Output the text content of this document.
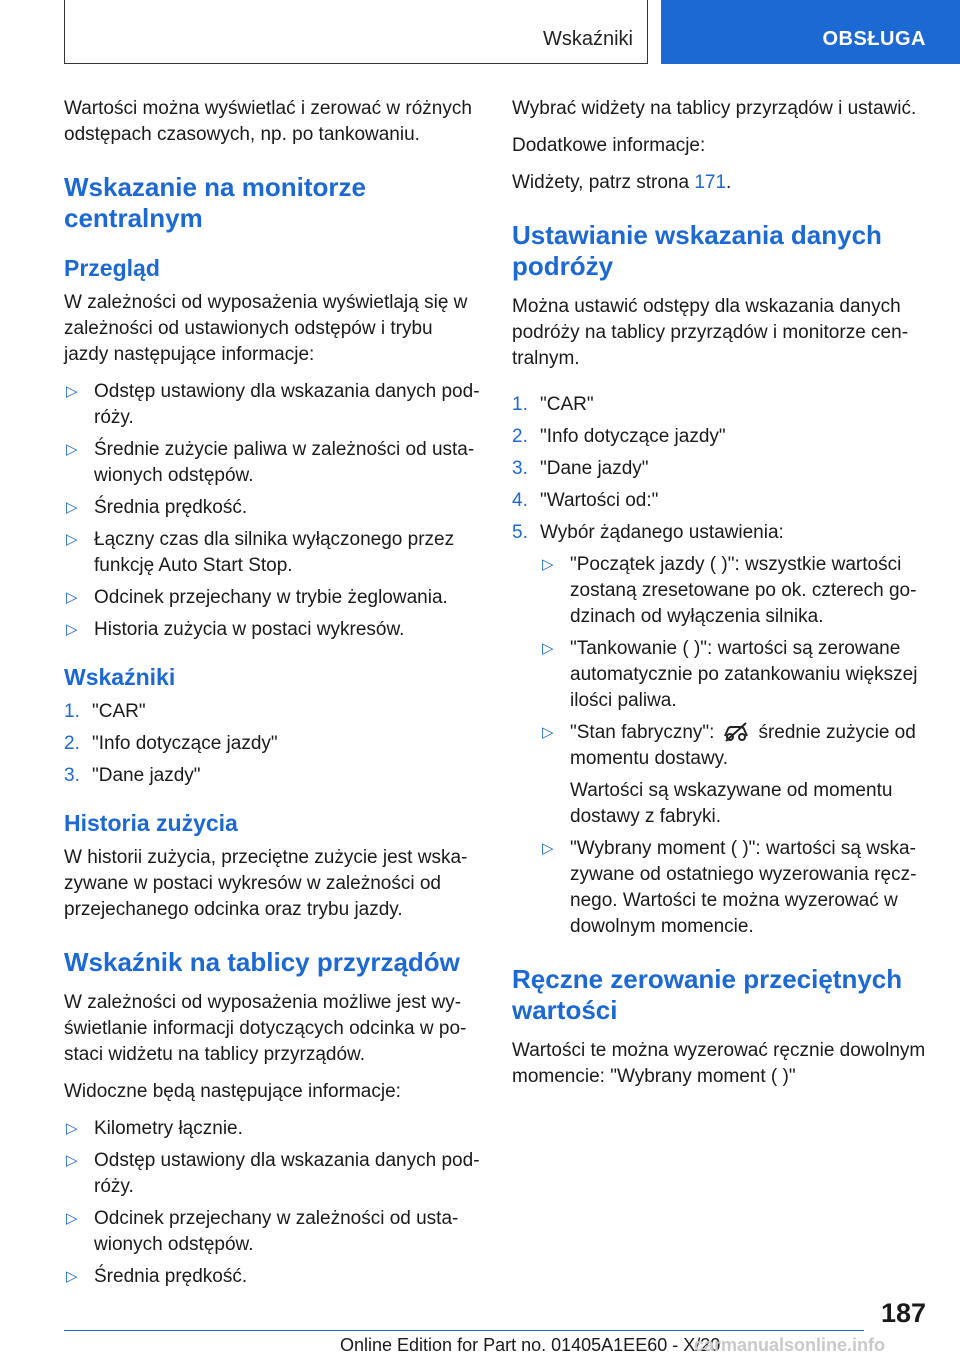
Wskaźniki	OBSŁUGA

Wartości można wyświetlać i zerować w różnych odstępach czasowych, np. po tankowaniu.

Wskazanie na monitorze centralnym
Przegląd

W zależności od wyposażenia wyświetlają się w zależności od ustawionych odstępów i trybu jazdy następujące informacje:

▷ Odstęp ustawiony dla wskazania danych podróży.
▷ Średnie zużycie paliwa w zależności od ustawionych odstępów.
▷ Średnia prędkość.
▷ Łączny czas dla silnika wyłączonego przez funkcję Auto Start Stop.
▷ Odcinek przejechany w trybie żeglowania.
▷ Historia zużycia w postaci wykresów.
Wskaźniki
1. "CAR"
2. "Info dotyczące jazdy"
3. "Dane jazdy"
Historia zużycia

W historii zużycia, przeciętne zużycie jest wskazywane w postaci wykresów w zależności od przejechanego odcinka oraz trybu jazdy.

Wskaźnik na tablicy przyrządów

W zależności od wyposażenia możliwe jest wyświetlanie informacji dotyczących odcinka w postaci widżetu na tablicy przyrządów.

Widoczne będą następujące informacje:

▷ Kilometry łącznie.
▷ Odstęp ustawiony dla wskazania danych podróży.
▷ Odcinek przejechany w zależności od ustawionych odstępów.
▷ Średnia prędkość.

Wybrać widżety na tablicy przyrządów i ustawić.

Dodatkowe informacje:

Widżety, patrz strona 171.

Ustawianie wskazania danych podróży

Można ustawić odstępy dla wskazania danych podróży na tablicy przyrządów i monitorze centralnym.

1. "CAR"
2. "Info dotyczące jazdy"
3. "Dane jazdy"
4. "Wartości od:"
5. Wybór żądanego ustawienia:
▷ "Początek jazdy ( )": wszystkie wartości zostaną zresetowane po ok. czterech godzinach od wyłączenia silnika.
▷ "Tankowanie ( )": wartości są zerowane automatycznie po zatankowaniu większej ilości paliwa.
▷ "Stan fabryczny": średnie zużycie od momentu dostawy.

Wartości są wskazywane od momentu dostawy z fabryki.

▷ "Wybrany moment ( )": wartości są wskazywane od ostatniego wyzerowania ręcznego. Wartości te można wyzerować w dowolnym momencie.
Ręczne zerowanie przeciętnych wartości

Wartości te można wyzerować ręcznie dowolnym momencie: "Wybrany moment ( )"

187
Online Edition for Part no. 01405A1EE60 - X/20
carmanualsonline.info
